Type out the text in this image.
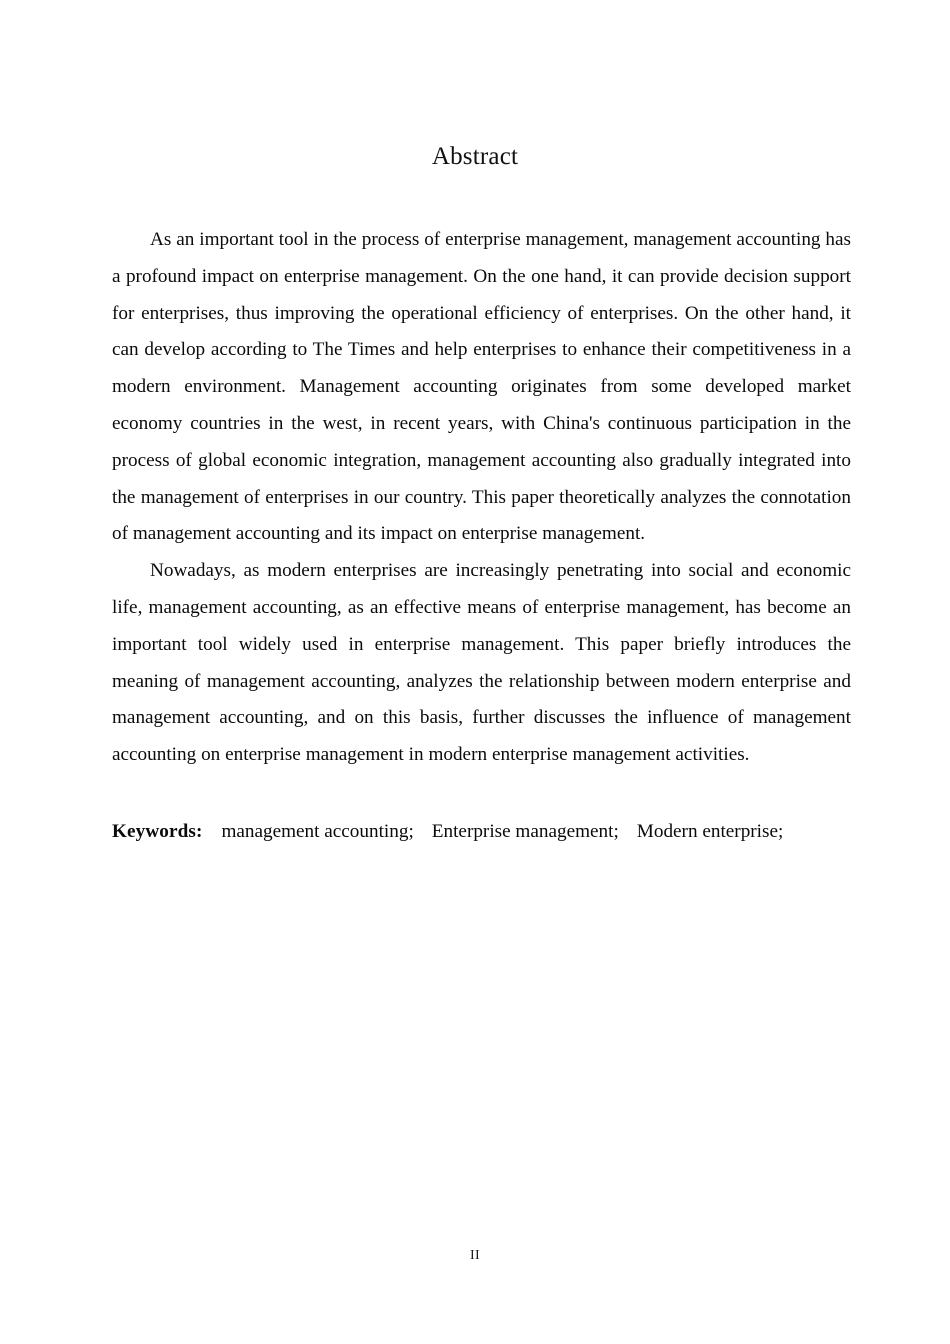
Abstract

As an important tool in the process of enterprise management, management accounting has a profound impact on enterprise management. On the one hand, it can provide decision support for enterprises, thus improving the operational efficiency of enterprises. On the other hand, it can develop according to The Times and help enterprises to enhance their competitiveness in a modern environment. Management accounting originates from some developed market economy countries in the west, in recent years, with China's continuous participation in the process of global economic integration, management accounting also gradually integrated into the management of enterprises in our country. This paper theoretically analyzes the connotation of management accounting and its impact on enterprise management.

Nowadays, as modern enterprises are increasingly penetrating into social and economic life, management accounting, as an effective means of enterprise management, has become an important tool widely used in enterprise management. This paper briefly introduces the meaning of management accounting, analyzes the relationship between modern enterprise and management accounting, and on this basis, further discusses the influence of management accounting on enterprise management in modern enterprise management activities.

Keywords: management accounting; Enterprise management; Modern enterprise;
II
